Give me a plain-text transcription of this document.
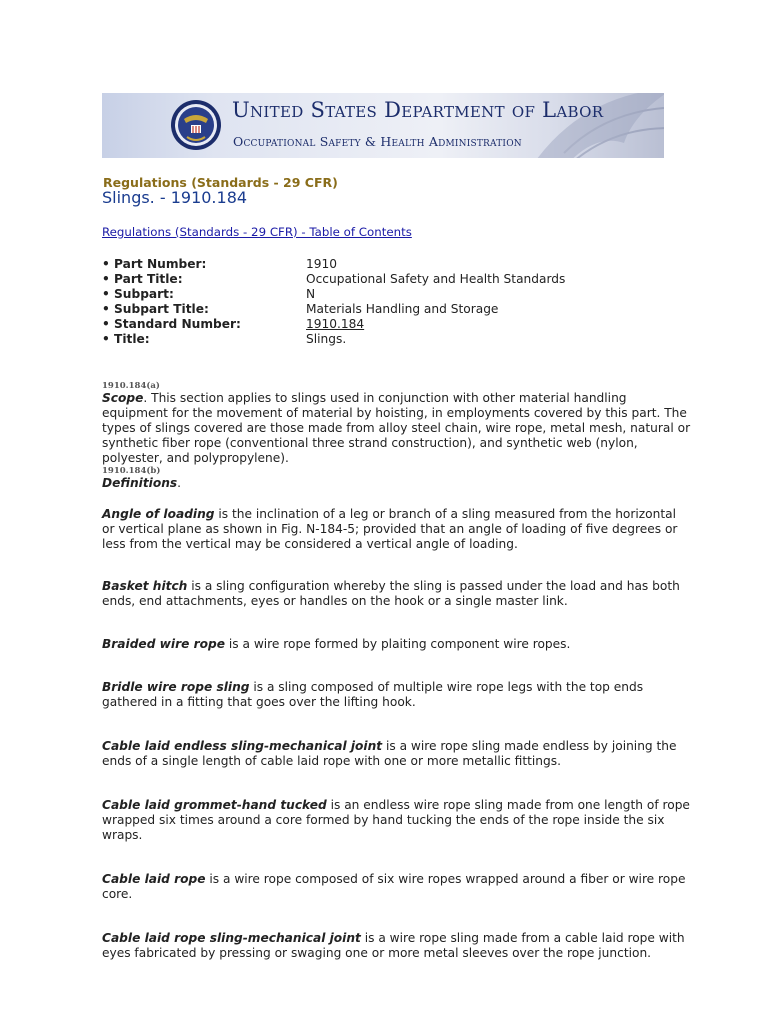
United States Department of Labor
Occupational Safety & Health Administration
Regulations (Standards - 29 CFR)
Slings. - 1910.184
Regulations (Standards - 29 CFR) - Table of Contents
• Part Number:	1910
• Part Title:	Occupational Safety and Health Standards
• Subpart:	N
• Subpart Title:	Materials Handling and Storage
• Standard Number:	1910.184
• Title:	Slings.
1910.184(a)

Scope. This section applies to slings used in conjunction with other material handling equipment for the movement of material by hoisting, in employments covered by this part. The types of slings covered are those made from alloy steel chain, wire rope, metal mesh, natural or synthetic fiber rope (conventional three strand construction), and synthetic web (nylon, polyester, and polypropylene).

1910.184(b)

Definitions.

Angle of loading is the inclination of a leg or branch of a sling measured from the horizontal or vertical plane as shown in Fig. N-184-5; provided that an angle of loading of five degrees or less from the vertical may be considered a vertical angle of loading.

Basket hitch is a sling configuration whereby the sling is passed under the load and has both ends, end attachments, eyes or handles on the hook or a single master link.

Braided wire rope is a wire rope formed by plaiting component wire ropes.

Bridle wire rope sling is a sling composed of multiple wire rope legs with the top ends gathered in a fitting that goes over the lifting hook.

Cable laid endless sling-mechanical joint is a wire rope sling made endless by joining the ends of a single length of cable laid rope with one or more metallic fittings.

Cable laid grommet-hand tucked is an endless wire rope sling made from one length of rope wrapped six times around a core formed by hand tucking the ends of the rope inside the six wraps.

Cable laid rope is a wire rope composed of six wire ropes wrapped around a fiber or wire rope core.

Cable laid rope sling-mechanical joint is a wire rope sling made from a cable laid rope with eyes fabricated by pressing or swaging one or more metal sleeves over the rope junction.
